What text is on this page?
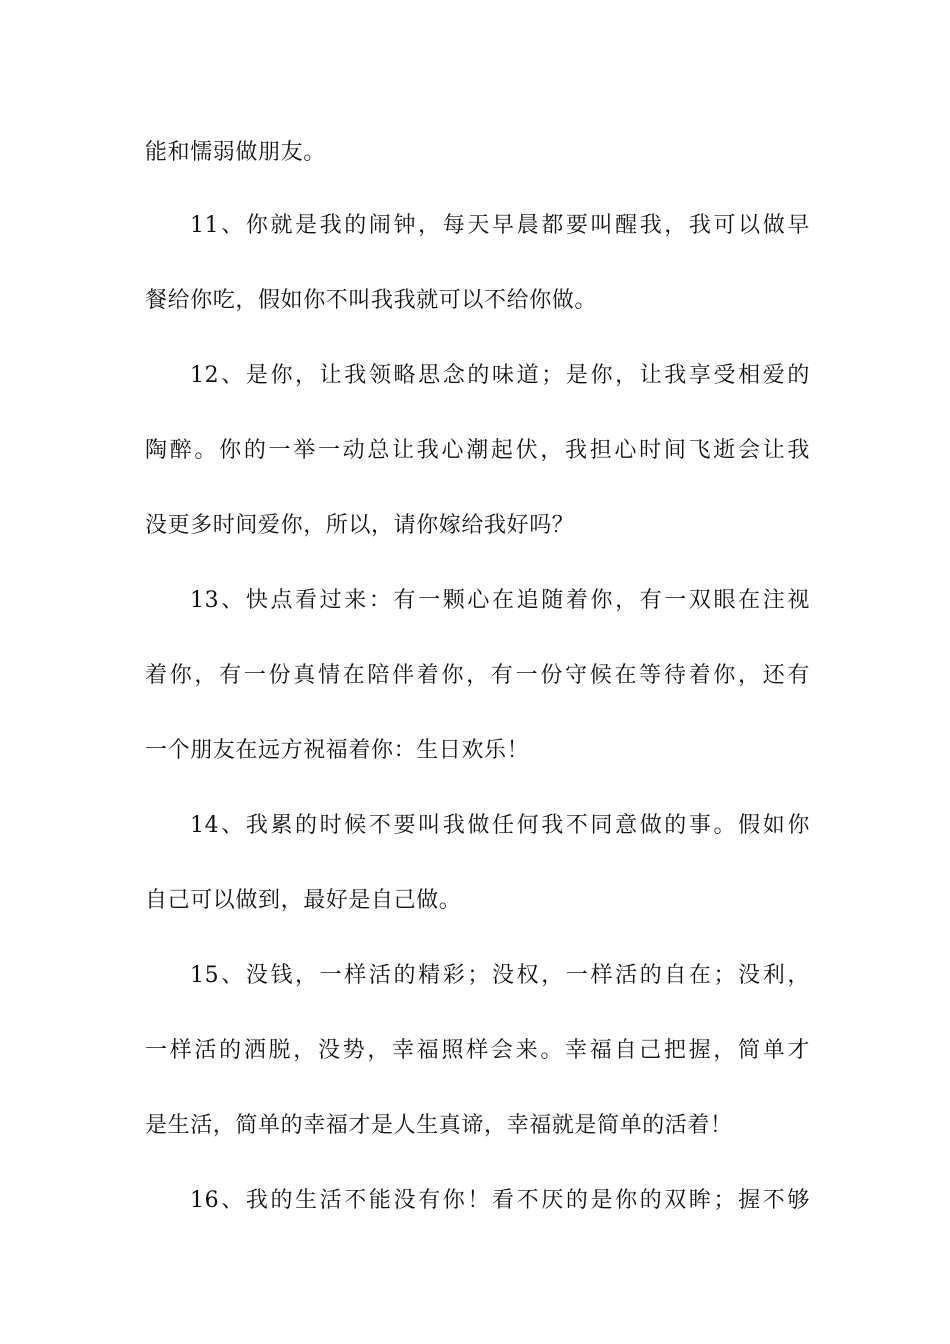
能和懦弱做朋友。
11、你就是我的闹钟，每天早晨都要叫醒我，我可以做早
餐给你吃，假如你不叫我我就可以不给你做。
12、是你，让我领略思念的味道；是你，让我享受相爱的
陶醉。你的一举一动总让我心潮起伏，我担心时间飞逝会让我
没更多时间爱你，所以，请你嫁给我好吗？
13、快点看过来：有一颗心在追随着你，有一双眼在注视
着你，有一份真情在陪伴着你，有一份守候在等待着你，还有
一个朋友在远方祝福着你：生日欢乐！
14、我累的时候不要叫我做任何我不同意做的事。假如你
自己可以做到，最好是自己做。
15、没钱，一样活的精彩；没权，一样活的自在；没利，
一样活的洒脱，没势，幸福照样会来。幸福自己把握，简单才
是生活，简单的幸福才是人生真谛，幸福就是简单的活着！
16、我的生活不能没有你！看不厌的是你的双眸；握不够
